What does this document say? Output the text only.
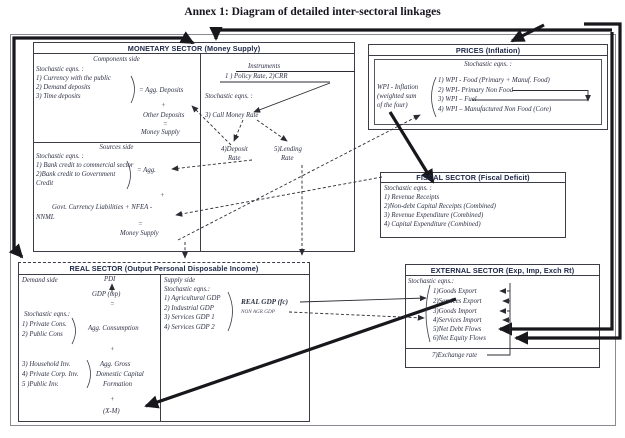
Annex 1: Diagram of detailed inter-sectoral linkages
MONETARY SECTOR (Money Supply)
Components side
Stochastic eqns. :
1) Currency with the public
2) Demand deposits
3) Time deposits
= Agg. Deposits
+
Other Deposits
=
Money Supply
Sources side
Stochastic eqns. :
1) Bank credit to commercial sector
2)Bank credit to Government
Credit
= Agg.
+
Govt. Currency Liabilities + NFEA -
NNML
=
Money Supply
Instruments
1 ) Policy Rate, 2)CRR
Stochastic eqns. :
3) Call Money Rate
4)Deposit
Rate
5)Lending
Rate
PRICES (Inflation)
Stochastic eqns. :
WPI - Inflation
(weighted sum
of the four)
1) WPI - Food (Primary + Manuf. Food)
2) WPI- Primary Non Food
3) WPI – Fuel
4) WPI – Manufactured Non Food (Core)
FISCAL SECTOR (Fiscal Deficit)
Stochastic eqns. :
1) Revenue Receipts
2)Non-debt Capital Receipts (Combined)
3) Revenue Expenditure (Combined)
4) Capital Expenditure (Combined)
EXTERNAL SECTOR (Exp, Imp, Exch Rt)
Stochastic eqns.:
1)Goods Export
2)Services Export
3)Goods Import
4)Services Import
5)Net Debt Flows
6)Net Equity Flows
7)Exchange rate
REAL SECTOR (Output Personal Disposable Income)
Demand side	PDI
GDP (mp)
=
Stochastic eqns.:
1) Private Cons.
2) Public Cons
Agg. Consumption
+
3) Household Inv.
4) Private Corp. Inv.
5 )Public Inv.
Agg. Gross
Domestic Capital
Formation
+
(X-M)
Supply side
Stochastic eqns.:
1) Agricultural GDP
2) Industrial GDP
3) Services GDP 1
4) Services GDP 2
REAL GDP (fc)
NON AGR GDP
